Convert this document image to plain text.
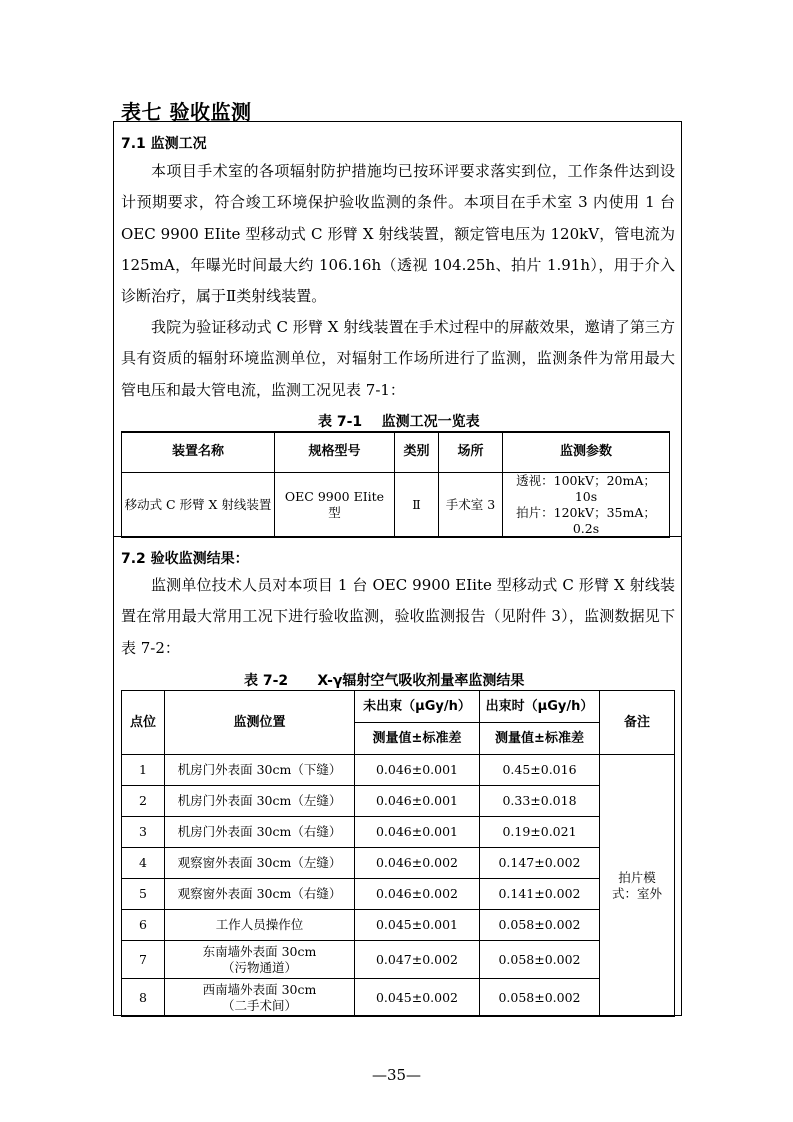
表七 验收监测
7.1 监测工况

本项目手术室的各项辐射防护措施均已按环评要求落实到位，工作条件达到设计预期要求，符合竣工环境保护验收监测的条件。本项目在手术室 3 内使用 1 台 OEC 9900 EIite 型移动式 C 形臂 X 射线装置，额定管电压为 120kV，管电流为 125mA，年曝光时间最大约 106.16h（透视 104.25h、拍片 1.91h），用于介入诊断治疗，属于Ⅱ类射线装置。

我院为验证移动式 C 形臂 X 射线装置在手术过程中的屏蔽效果，邀请了第三方具有资质的辐射环境监测单位，对辐射工作场所进行了监测，监测条件为常用最大管电压和最大管电流，监测工况见表 7-1：

表 7-1    监测工况一览表
装置名称	规格型号	类别	场所	监测参数
移动式 C 形臂 X 射线装置	OEC 9900 EIite 型	Ⅱ	手术室 3	透视：100kV；20mA；10s
拍片：120kV；35mA；0.2s
7.2 验收监测结果：

监测单位技术人员对本项目 1 台 OEC 9900 EIite 型移动式 C 形臂 X 射线装置在常用最大常用工况下进行验收监测，验收监测报告（见附件 3），监测数据见下表 7-2：

表 7-2      X-γ辐射空气吸收剂量率监测结果
点位	监测位置	未出束（μGy/h）	出束时（μGy/h）	备注
		测量值±标准差	测量值±标准差	
1	机房门外表面 30cm（下缝）	0.046±0.001	0.45±0.016	拍片模
式：室外

2	机房门外表面 30cm（左缝）	0.046±0.001	0.33±0.018	
3	机房门外表面 30cm（右缝）	0.046±0.001	0.19±0.021	
4	观察窗外表面 30cm（左缝）	0.046±0.002	0.147±0.002	
5	观察窗外表面 30cm（右缝）	0.046±0.002	0.141±0.002	
6	工作人员操作位	0.045±0.001	0.058±0.002	
7	东南墙外表面 30cm
（污物通道）	0.047±0.002	0.058±0.002	
8	西南墙外表面 30cm
（二手术间）	0.045±0.002	0.058±0.002	
—35—
